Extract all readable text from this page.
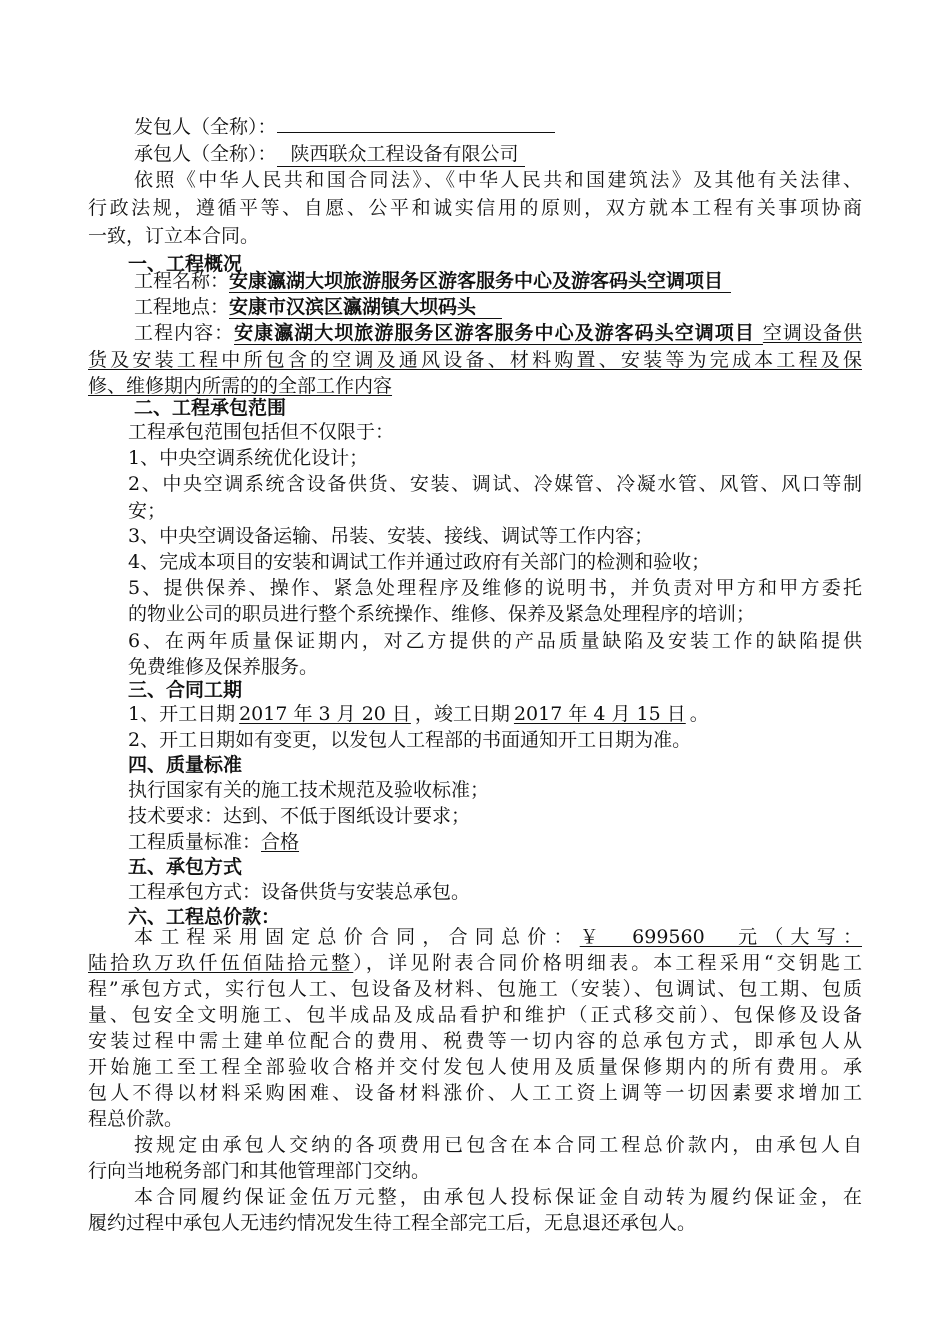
发包人（全称）：
承包人（全称）： 陕西联众工程设备有限公司
依照《中华人民共和国合同法》、《中华人民共和国建筑法》及其他有关法律、
行政法规，遵循平等、自愿、公平和诚实信用的原则，双方就本工程有关事项协商
一致，订立本合同。
一、工程概况
工程名称：安康瀛湖大坝旅游服务区游客服务中心及游客码头空调项目
工程地点：安康市汉滨区瀛湖镇大坝码头
工程内容：安康瀛湖大坝旅游服务区游客服务中心及游客码头空调项目 空调设备供
货及安装工程中所包含的空调及通风设备、材料购置、安装等为完成本工程及保
修、维修期内所需的的全部工作内容
二、工程承包范围
工程承包范围包括但不仅限于：
1、中央空调系统优化设计；
2、中央空调系统含设备供货、安装、调试、冷媒管、冷凝水管、风管、风口等制
安；
3、中央空调设备运输、吊装、安装、接线、调试等工作内容；
4、完成本项目的安装和调试工作并通过政府有关部门的检测和验收；
5、提供保养、操作、紧急处理程序及维修的说明书，并负责对甲方和甲方委托
的物业公司的职员进行整个系统操作、维修、保养及紧急处理程序的培训；
6、在两年质量保证期内，对乙方提供的产品质量缺陷及安装工作的缺陷提供
免费维修及保养服务。
三、合同工期
1、开工日期 2017 年 3 月 20 日 ，竣工日期 2017 年 4 月 15 日 。
2、开工日期如有变更，以发包人工程部的书面通知开工日期为准。
四、质量标准
执行国家有关的施工技术规范及验收标准；
技术要求：达到、不低于图纸设计要求；
工程质量标准：合格
五、承包方式
工程承包方式：设备供货与安装总承包。
六、工程总价款：
本工程采用固定总价合同，合同总价：￥　699560　元（大写：
陆拾玖万玖仟伍佰陆拾元整），详见附表合同价格明细表。本工程采用“交钥匙工
程”承包方式，实行包人工、包设备及材料、包施工（安装）、包调试、包工期、包质
量、包安全文明施工、包半成品及成品看护和维护（正式移交前）、包保修及设备
安装过程中需土建单位配合的费用、税费等一切内容的总承包方式，即承包人从
开始施工至工程全部验收合格并交付发包人使用及质量保修期内的所有费用。承
包人不得以材料采购困难、设备材料涨价、人工工资上调等一切因素要求增加工
程总价款。
按规定由承包人交纳的各项费用已包含在本合同工程总价款内，由承包人自
行向当地税务部门和其他管理部门交纳。
本合同履约保证金伍万元整，由承包人投标保证金自动转为履约保证金，在
履约过程中承包人无违约情况发生待工程全部完工后，无息退还承包人。
